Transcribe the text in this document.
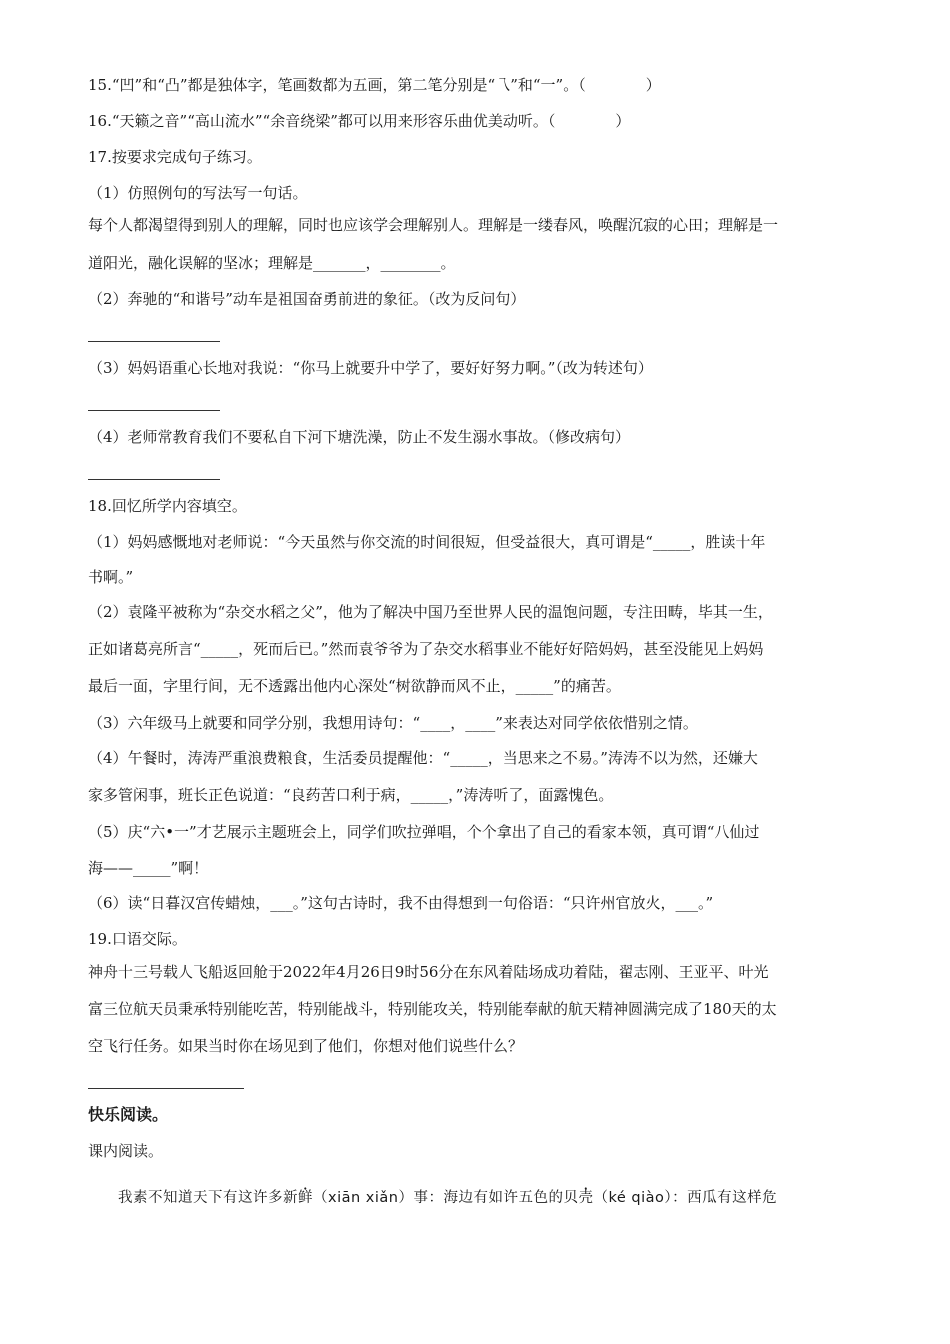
15.“凹”和“凸”都是独体字，笔画数都为五画，第二笔分别是“乁”和“一”。（　　　　）
16.“天籁之音”“高山流水”“余音绕梁”都可以用来形容乐曲优美动听。（　　　　）
17.按要求完成句子练习。
（1）仿照例句的写法写一句话。
每个人都渴望得到别人的理解，同时也应该学会理解别人。理解是一缕春风，唤醒沉寂的心田；理解是一
道阳光，融化误解的坚冰；理解是_______，________。
（2）奔驰的“和谐号”动车是祖国奋勇前进的象征。（改为反问句）
（3）妈妈语重心长地对我说：“你马上就要升中学了，要好好努力啊。”（改为转述句）
（4）老师常教育我们不要私自下河下塘洗澡，防止不发生溺水事故。（修改病句）
18.回忆所学内容填空。
（1）妈妈感慨地对老师说：“今天虽然与你交流的时间很短，但受益很大，真可谓是“_____，胜读十年
书啊。”
（2）袁隆平被称为“杂交水稻之父”，他为了解决中国乃至世界人民的温饱问题，专注田畴，毕其一生，
正如诸葛亮所言“_____，死而后已。”然而袁爷爷为了杂交水稻事业不能好好陪妈妈，甚至没能见上妈妈
最后一面，字里行间，无不透露出他内心深处“树欲静而风不止，_____”的痛苦。
（3）六年级马上就要和同学分别，我想用诗句：“____，____”来表达对同学依依惜别之情。
（4）午餐时，涛涛严重浪费粮食，生活委员提醒他：“_____，当思来之不易。”涛涛不以为然，还嫌大
家多管闲事，班长正色说道：“良药苦口利于病，_____，”涛涛听了，面露愧色。
（5）庆“六•一”才艺展示主题班会上，同学们吹拉弹唱，个个拿出了自己的看家本领，真可谓“八仙过
海——_____”啊！
（6）读“日暮汉宫传蜡烛，___。”这句古诗时，我不由得想到一句俗语：“只许州官放火，___。”
19.口语交际。
神舟十三号载人飞船返回舱于2022年4月26日9时56分在东风着陆场成功着陆，翟志刚、王亚平、叶光
富三位航天员秉承特别能吃苦，特别能战斗，特别能攻关，特别能奉献的航天精神圆满完成了180天的太
空飞行任务。如果当时你在场见到了他们，你想对他们说些什么？
快乐阅读。
课内阅读。
我素不知道天下有这许多新鲜（xiān xiǎn）事：海边有如许五色的贝壳（ké qiào）：西瓜有这样危
